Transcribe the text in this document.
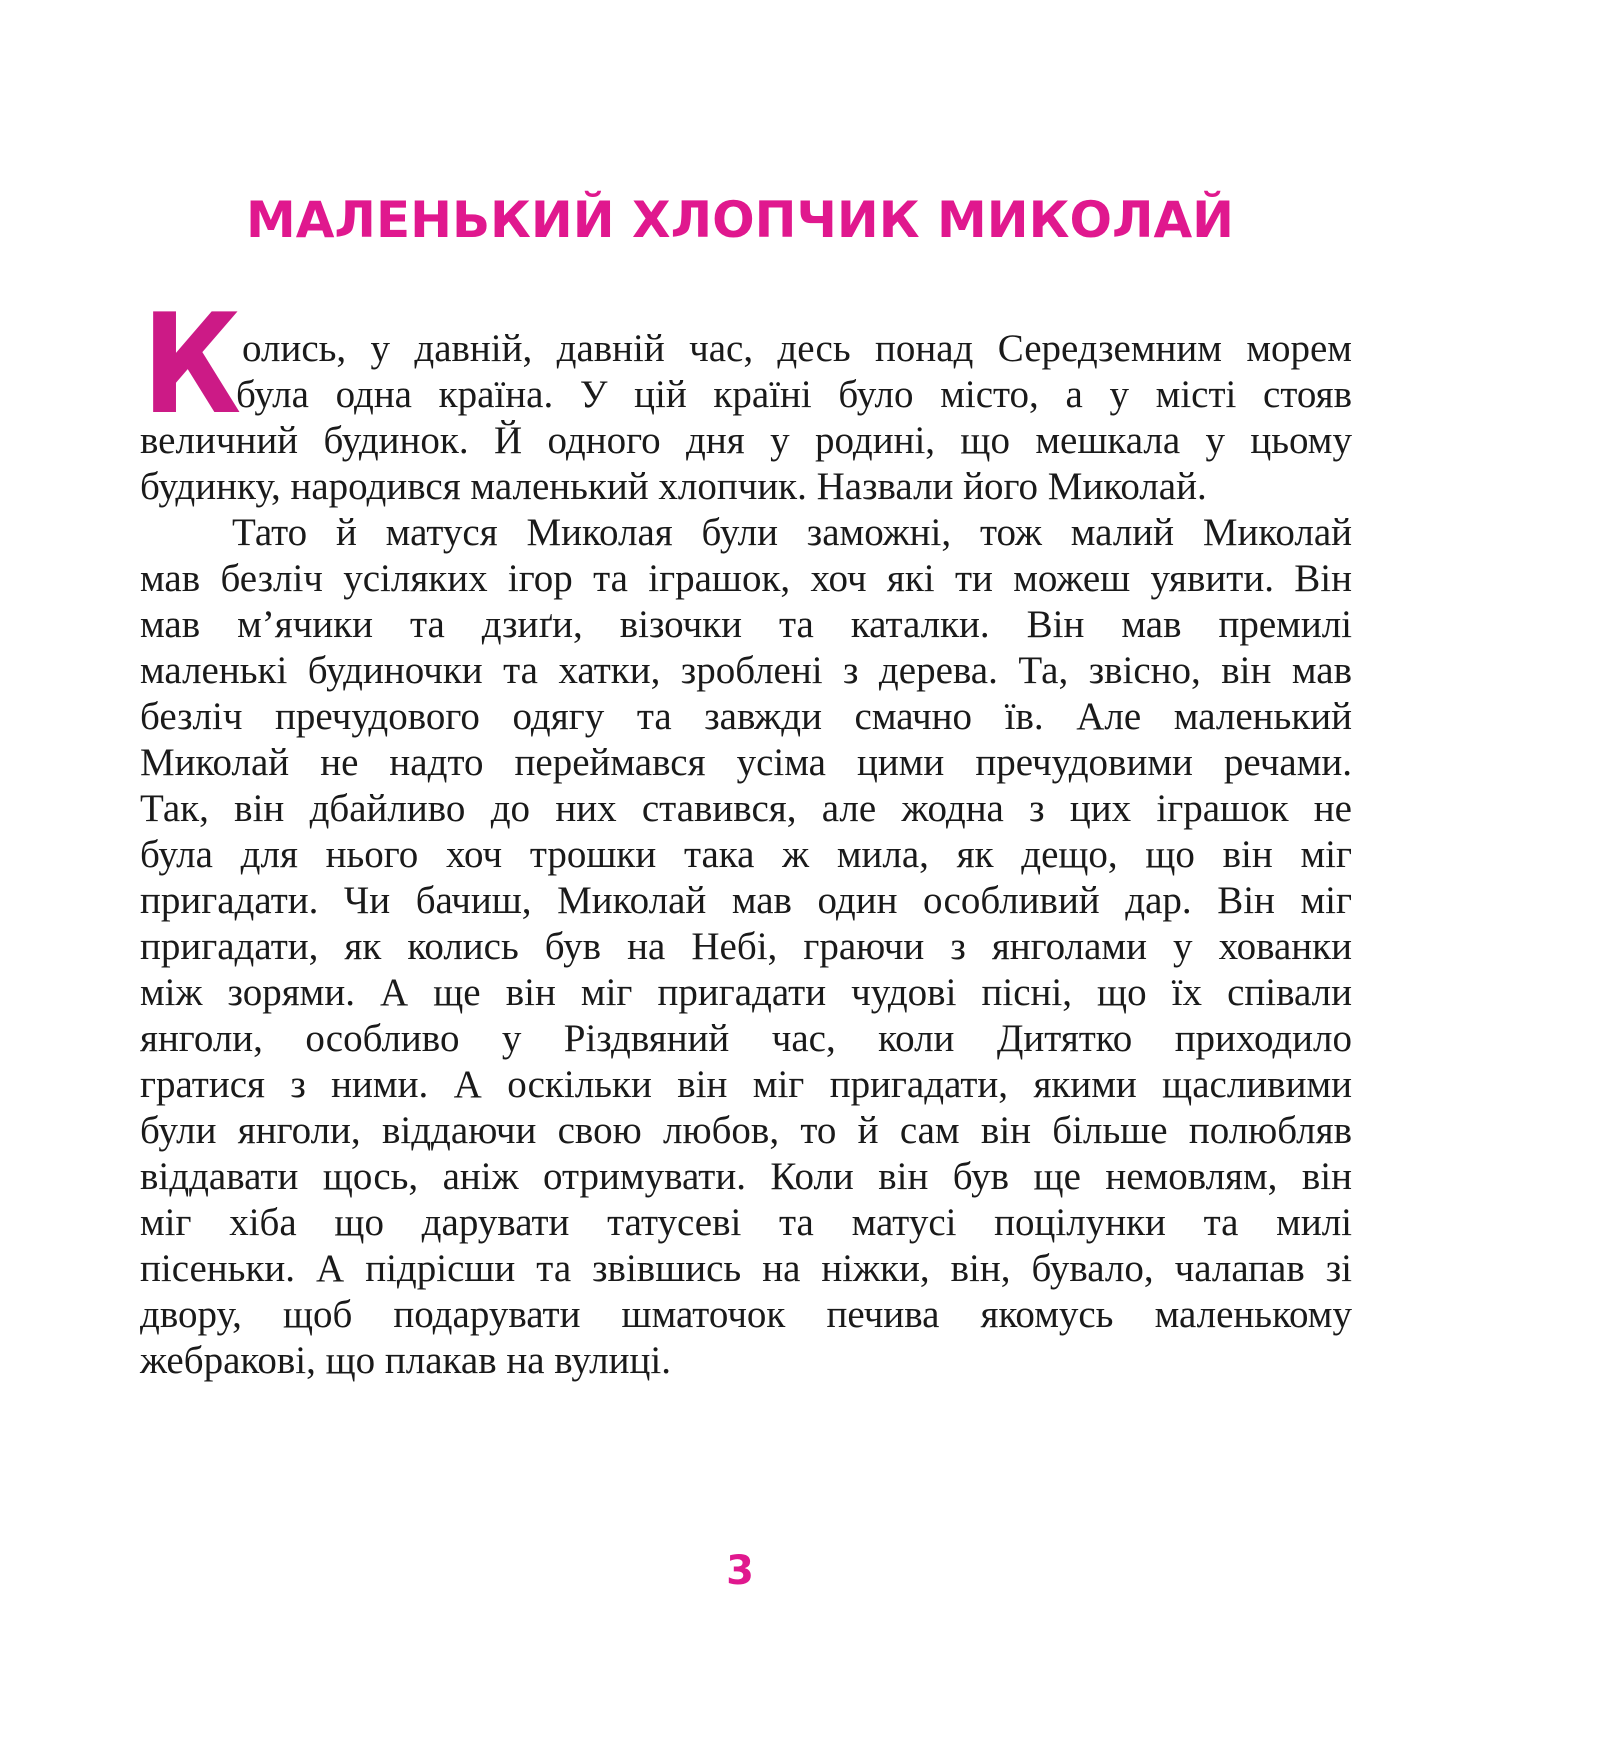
МАЛЕНЬКИЙ ХЛОПЧИК МИКОЛАЙ
К олись, у давній, давній час, десь понад Середземним морем
була одна країна. У цій країні було місто, а у місті стояв
величний будинок. Й одного дня у родині, що мешкала у цьому
будинку, народився маленький хлопчик. Назвали його Миколай.
Тато й матуся Миколая були заможні, тож малий Миколай
мав безліч усіляких ігор та іграшок, хоч які ти можеш уявити. Він
мав м’ячики та дзиґи, візочки та каталки. Він мав премилі
маленькі будиночки та хатки, зроблені з дерева. Та, звісно, він мав
безліч пречудового одягу та завжди смачно їв. Але маленький
Миколай не надто переймався усіма цими пречудовими речами.
Так, він дбайливо до них ставився, але жодна з цих іграшок не
була для нього хоч трошки така ж мила, як дещо, що він міг
пригадати. Чи бачиш, Миколай мав один особливий дар. Він міг
пригадати, як колись був на Небі, граючи з янголами у хованки
між зорями. А ще він міг пригадати чудові пісні, що їх співали
янголи, особливо у Різдвяний час, коли Дитятко приходило
гратися з ними. А оскільки він міг пригадати, якими щасливими
були янголи, віддаючи свою любов, то й сам він більше полюбляв
віддавати щось, аніж отримувати. Коли він був ще немовлям, він
міг хіба що дарувати татусеві та матусі поцілунки та милі
пісеньки. А підрісши та звівшись на ніжки, він, бувало, чалапав зі
двору, щоб подарувати шматочок печива якомусь маленькому
жебракові, що плакав на вулиці.
3
